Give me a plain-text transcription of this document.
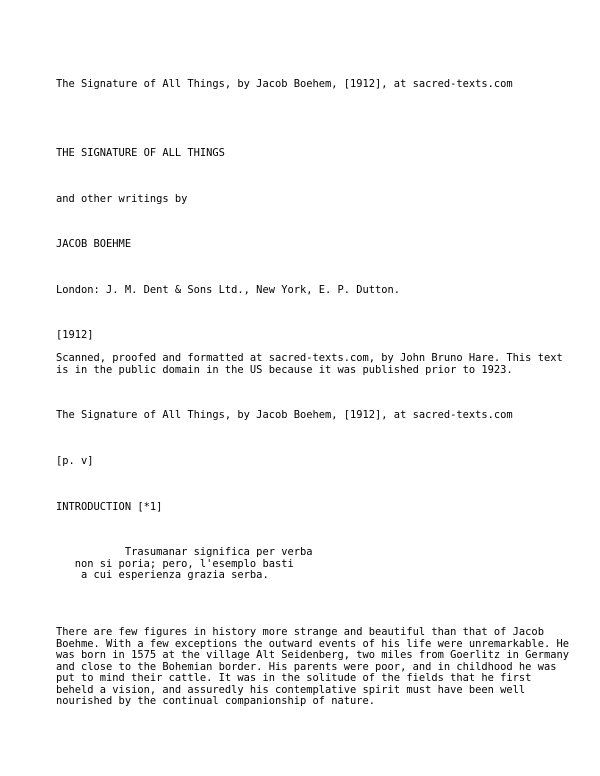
The Signature of All Things, by Jacob Boehem, [1912], at sacred-texts.com

THE SIGNATURE OF ALL THINGS

and other writings by

JACOB BOEHME

London: J. M. Dent & Sons Ltd., New York, E. P. Dutton.

[1912]

Scanned, proofed and formatted at sacred-texts.com, by John Bruno Hare. This text
is in the public domain in the US because it was published prior to 1923.

The Signature of All Things, by Jacob Boehem, [1912], at sacred-texts.com

[p. v]

INTRODUCTION [*1]

Trasumanar significa per verba
non si poria; pero, l'esemplo basti
a cui esperienza grazia serba.

There are few figures in history more strange and beautiful than that of Jacob
Boehme. With a few exceptions the outward events of his life were unremarkable. He
was born in 1575 at the village Alt Seidenberg, two miles from Goerlitz in Germany
and close to the Bohemian border. His parents were poor, and in childhood he was
put to mind their cattle. It was in the solitude of the fields that he first
beheld a vision, and assuredly his contemplative spirit must have been well
nourished by the continual companionship of nature.
